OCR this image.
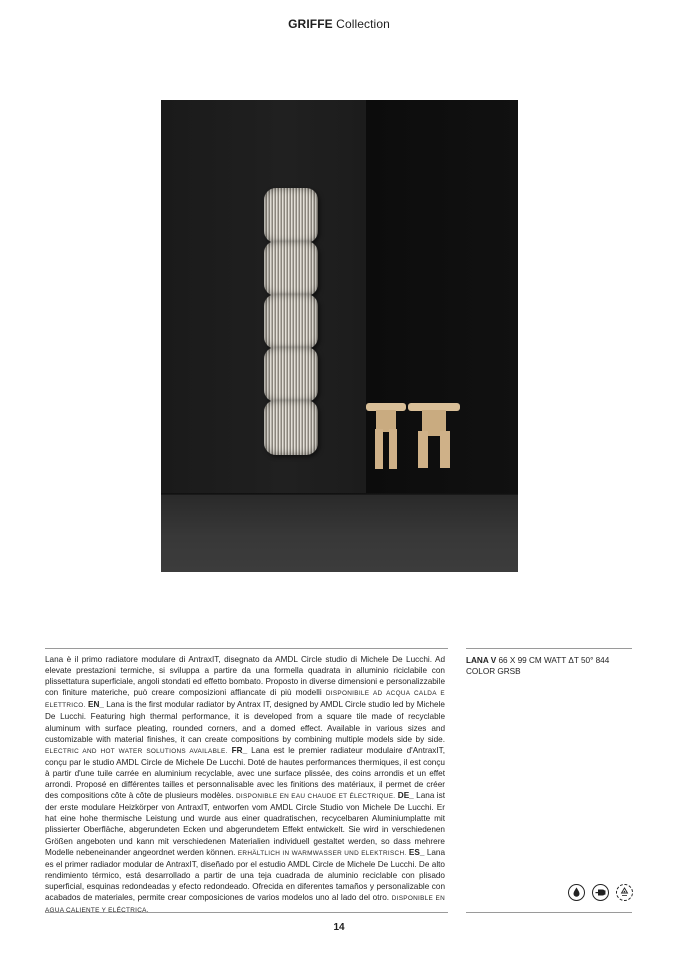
GRIFFE Collection

Lana è il primo radiatore modulare di AntraxIT, disegnato da AMDL Circle studio di Michele De Lucchi. Ad elevate prestazioni termiche, si sviluppa a partire da una formella quadrata in alluminio riciclabile con plissettatura superficiale, angoli stondati ed effetto bombato. Proposto in diverse dimensioni e personalizzabile con finiture materiche, può creare composizioni affiancate di più modelli DISPONIBILE AD ACQUA CALDA E ELETTRICO. EN_ Lana is the first modular radiator by Antrax IT, designed by AMDL Circle studio led by Michele De Lucchi. Featuring high thermal performance, it is developed from a square tile made of recyclable aluminum with surface pleating, rounded corners, and a domed effect. Available in various sizes and customizable with material finishes, it can create compositions by combining multiple models side by side. ELECTRIC AND HOT WATER SOLUTIONS AVAILABLE. FR_ Lana est le premier radiateur modulaire d'AntraxIT, conçu par le studio AMDL Circle de Michele De Lucchi. Doté de hautes performances thermiques, il est conçu à partir d'une tuile carrée en aluminium recyclable, avec une surface plissée, des coins arrondis et un effet arrondi. Proposé en différentes tailles et personnalisable avec les finitions des matériaux, il permet de créer des compositions côte à côte de plusieurs modèles. DISPONIBLE EN EAU CHAUDE ET ÉLECTRIQUE. DE_ Lana ist der erste modulare Heizkörper von AntraxIT, entworfen vom AMDL Circle Studio von Michele De Lucchi. Er hat eine hohe thermische Leistung und wurde aus einer quadratischen, recycelbaren Aluminiumplatte mit plissierter Oberfläche, abgerundeten Ecken und abgerundetem Effekt entwickelt. Sie wird in verschiedenen Größen angeboten und kann mit verschiedenen Materialien individuell gestaltet werden, so dass mehrere Modelle nebeneinander angeordnet werden können. ERHÄLTLICH IN WARMWASSER UND ELEKTRISCH. ES_ Lana es el primer radiador modular de AntraxIT, diseñado por el estudio AMDL Circle de Michele De Lucchi. De alto rendimiento térmico, está desarrollado a partir de una teja cuadrada de aluminio reciclable con plisado superficial, esquinas redondeadas y efecto redondeado. Ofrecida en diferentes tamaños y personalizable con acabados de materiales, permite crear composiciones de varios modelos uno al lado del otro. DISPONIBLE EN AGUA CALIENTE Y ELÉCTRICA.

LANA V 66 X 99 CM WATT ΔT 50° 844
COLOR GRSB
14
